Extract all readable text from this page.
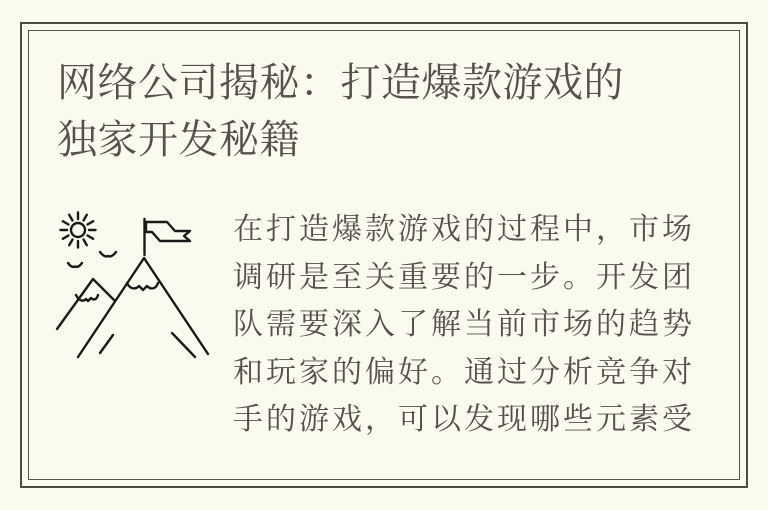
网络公司揭秘：打造爆款游戏的独家开发秘籍

在打造爆款游戏的过程中，市场调研是至关重要的一步。开发团队需要深入了解当前市场的趋势和玩家的偏好。通过分析竞争对手的游戏，可以发现哪些元素受
